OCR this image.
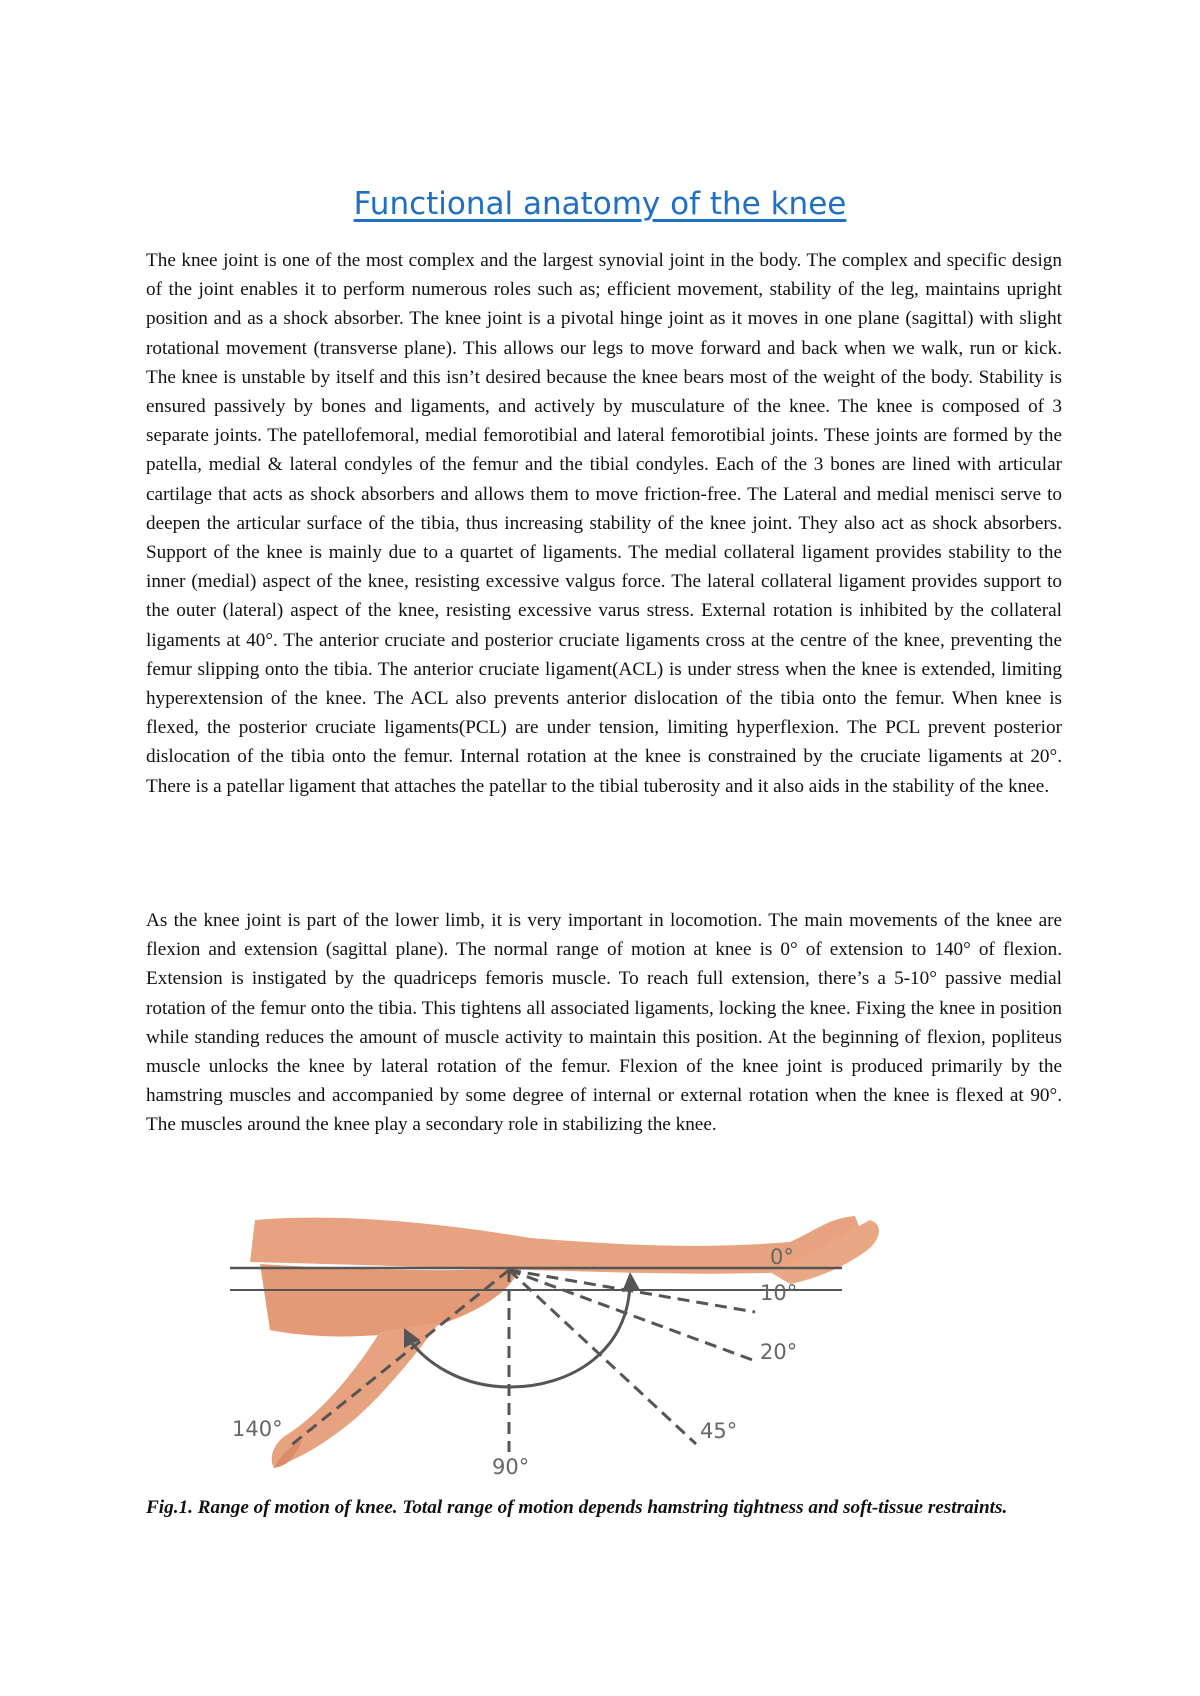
Functional anatomy of the knee

The knee joint is one of the most complex and the largest synovial joint in the body. The complex and specific design of the joint enables it to perform numerous roles such as; efficient movement, stability of the leg, maintains upright position and as a shock absorber. The knee joint is a pivotal hinge joint as it moves in one plane (sagittal) with slight rotational movement (transverse plane). This allows our legs to move forward and back when we walk, run or kick. The knee is unstable by itself and this isn’t desired because the knee bears most of the weight of the body. Stability is ensured passively by bones and ligaments, and actively by musculature of the knee. The knee is composed of 3 separate joints. The patellofemoral, medial femorotibial and lateral femorotibial joints. These joints are formed by the patella, medial & lateral condyles of the femur and the tibial condyles. Each of the 3 bones are lined with articular cartilage that acts as shock absorbers and allows them to move friction-free. The Lateral and medial menisci serve to deepen the articular surface of the tibia, thus increasing stability of the knee joint. They also act as shock absorbers. Support of the knee is mainly due to a quartet of ligaments. The medial collateral ligament provides stability to the inner (medial) aspect of the knee, resisting excessive valgus force. The lateral collateral ligament provides support to the outer (lateral) aspect of the knee, resisting excessive varus stress. External rotation is inhibited by the collateral ligaments at 40°. The anterior cruciate and posterior cruciate ligaments cross at the centre of the knee, preventing the femur slipping onto the tibia. The anterior cruciate ligament(ACL) is under stress when the knee is extended, limiting hyperextension of the knee. The ACL also prevents anterior dislocation of the tibia onto the femur. When knee is flexed, the posterior cruciate ligaments(PCL) are under tension, limiting hyperflexion. The PCL prevent posterior dislocation of the tibia onto the femur. Internal rotation at the knee is constrained by the cruciate ligaments at 20°. There is a patellar ligament that attaches the patellar to the tibial tuberosity and it also aids in the stability of the knee.

As the knee joint is part of the lower limb, it is very important in locomotion. The main movements of the knee are flexion and extension (sagittal plane). The normal range of motion at knee is 0° of extension to 140° of flexion. Extension is instigated by the quadriceps femoris muscle. To reach full extension, there’s a 5-10° passive medial rotation of the femur onto the tibia. This tightens all associated ligaments, locking the knee. Fixing the knee in position while standing reduces the amount of muscle activity to maintain this position. At the beginning of flexion, popliteus muscle unlocks the knee by lateral rotation of the femur. Flexion of the knee joint is produced primarily by the hamstring muscles and accompanied by some degree of internal or external rotation when the knee is flexed at 90°. The muscles around the knee play a secondary role in stabilizing the knee.

0°
10°
20°
45°
90°
140°

Fig.1. Range of motion of knee. Total range of motion depends hamstring tightness and soft-tissue restraints.
